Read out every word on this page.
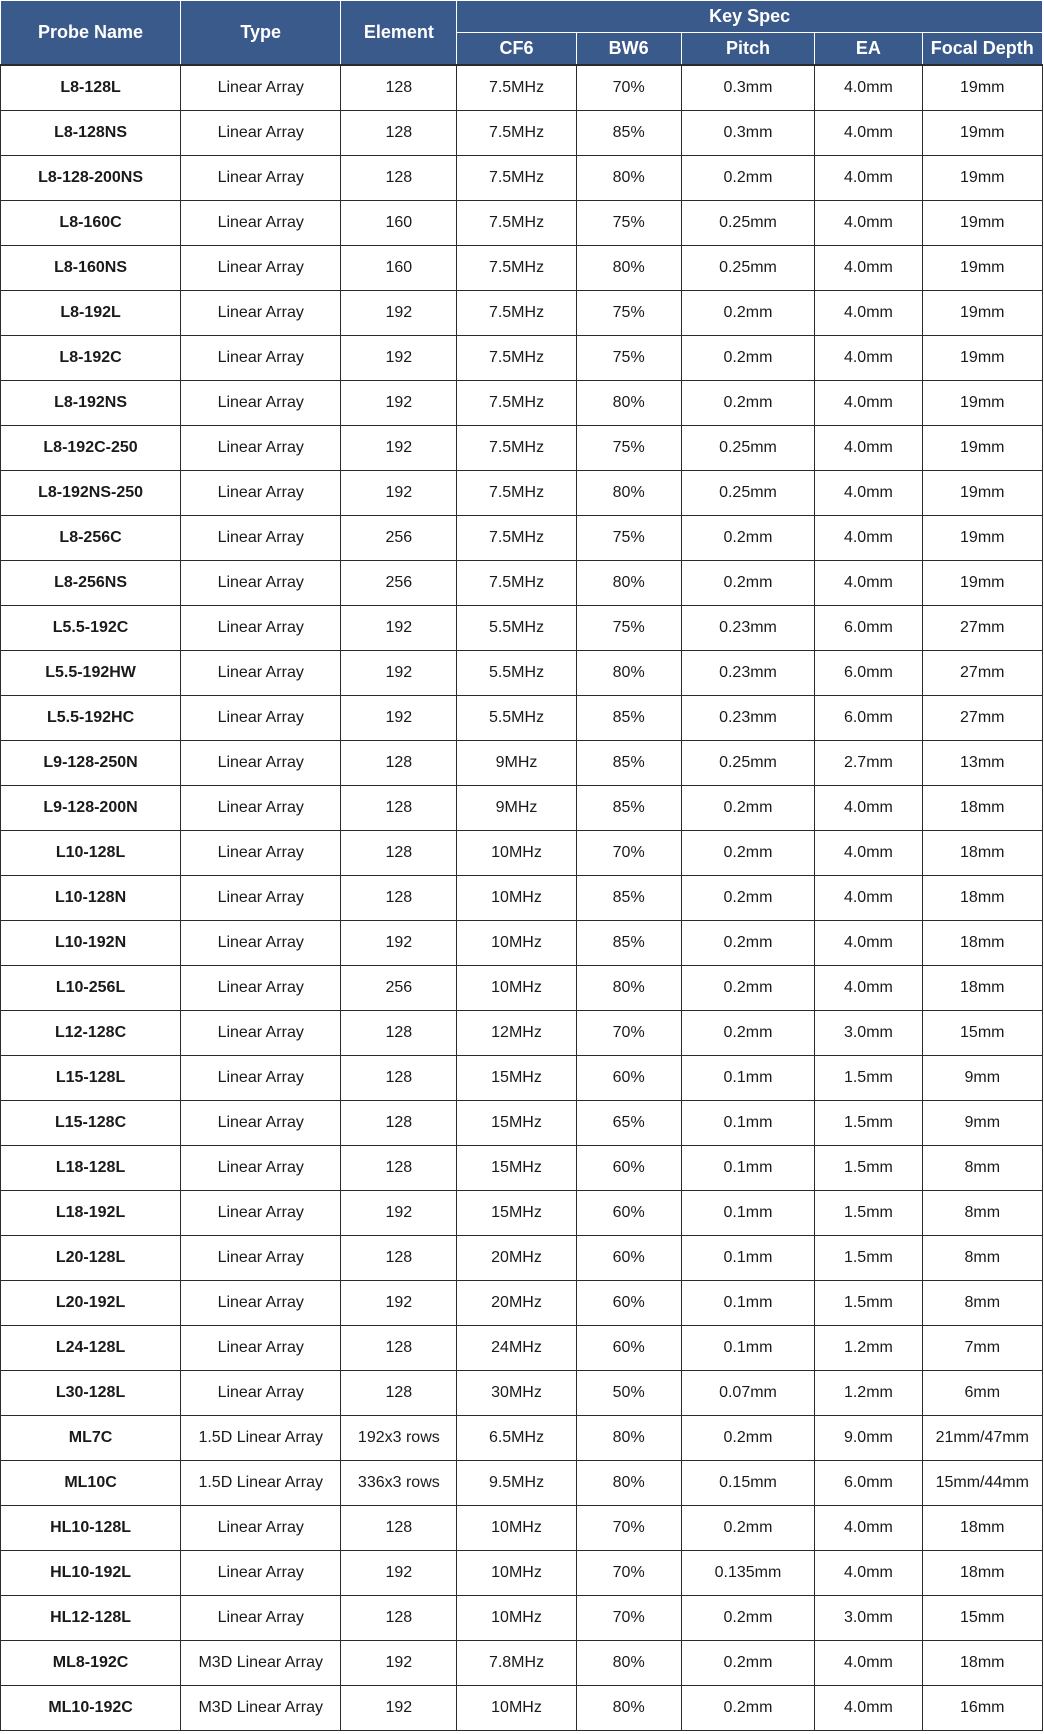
Probe Name	Type	Element	Key Spec				
			CF6	BW6	Pitch	EA	Focal Depth
L8-128L	Linear Array	128	7.5MHz	70%	0.3mm	4.0mm	19mm
L8-128NS	Linear Array	128	7.5MHz	85%	0.3mm	4.0mm	19mm
L8-128-200NS	Linear Array	128	7.5MHz	80%	0.2mm	4.0mm	19mm
L8-160C	Linear Array	160	7.5MHz	75%	0.25mm	4.0mm	19mm
L8-160NS	Linear Array	160	7.5MHz	80%	0.25mm	4.0mm	19mm
L8-192L	Linear Array	192	7.5MHz	75%	0.2mm	4.0mm	19mm
L8-192C	Linear Array	192	7.5MHz	75%	0.2mm	4.0mm	19mm
L8-192NS	Linear Array	192	7.5MHz	80%	0.2mm	4.0mm	19mm
L8-192C-250	Linear Array	192	7.5MHz	75%	0.25mm	4.0mm	19mm
L8-192NS-250	Linear Array	192	7.5MHz	80%	0.25mm	4.0mm	19mm
L8-256C	Linear Array	256	7.5MHz	75%	0.2mm	4.0mm	19mm
L8-256NS	Linear Array	256	7.5MHz	80%	0.2mm	4.0mm	19mm
L5.5-192C	Linear Array	192	5.5MHz	75%	0.23mm	6.0mm	27mm
L5.5-192HW	Linear Array	192	5.5MHz	80%	0.23mm	6.0mm	27mm
L5.5-192HC	Linear Array	192	5.5MHz	85%	0.23mm	6.0mm	27mm
L9-128-250N	Linear Array	128	9MHz	85%	0.25mm	2.7mm	13mm
L9-128-200N	Linear Array	128	9MHz	85%	0.2mm	4.0mm	18mm
L10-128L	Linear Array	128	10MHz	70%	0.2mm	4.0mm	18mm
L10-128N	Linear Array	128	10MHz	85%	0.2mm	4.0mm	18mm
L10-192N	Linear Array	192	10MHz	85%	0.2mm	4.0mm	18mm
L10-256L	Linear Array	256	10MHz	80%	0.2mm	4.0mm	18mm
L12-128C	Linear Array	128	12MHz	70%	0.2mm	3.0mm	15mm
L15-128L	Linear Array	128	15MHz	60%	0.1mm	1.5mm	9mm
L15-128C	Linear Array	128	15MHz	65%	0.1mm	1.5mm	9mm
L18-128L	Linear Array	128	15MHz	60%	0.1mm	1.5mm	8mm
L18-192L	Linear Array	192	15MHz	60%	0.1mm	1.5mm	8mm
L20-128L	Linear Array	128	20MHz	60%	0.1mm	1.5mm	8mm
L20-192L	Linear Array	192	20MHz	60%	0.1mm	1.5mm	8mm
L24-128L	Linear Array	128	24MHz	60%	0.1mm	1.2mm	7mm
L30-128L	Linear Array	128	30MHz	50%	0.07mm	1.2mm	6mm
ML7C	1.5D Linear Array	192x3 rows	6.5MHz	80%	0.2mm	9.0mm	21mm/47mm
ML10C	1.5D Linear Array	336x3 rows	9.5MHz	80%	0.15mm	6.0mm	15mm/44mm
HL10-128L	Linear Array	128	10MHz	70%	0.2mm	4.0mm	18mm
HL10-192L	Linear Array	192	10MHz	70%	0.135mm	4.0mm	18mm
HL12-128L	Linear Array	128	10MHz	70%	0.2mm	3.0mm	15mm
ML8-192C	M3D Linear Array	192	7.8MHz	80%	0.2mm	4.0mm	18mm
ML10-192C	M3D Linear Array	192	10MHz	80%	0.2mm	4.0mm	16mm
